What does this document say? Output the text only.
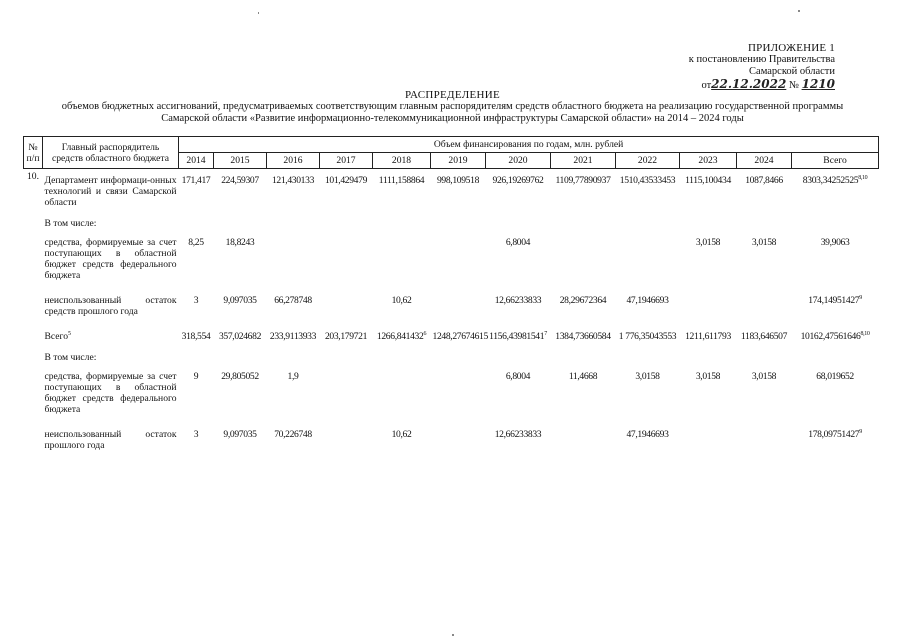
ПРИЛОЖЕНИЕ 1
к постановлению Правительства
Самарской области
от22.12.2022 № 1210
РАСПРЕДЕЛЕНИЕ
объемов бюджетных ассигнований, предусматриваемых соответствующим главным распорядителям средств областного бюджета на реализацию государственной программы
Самарской области «Развитие информационно-телекоммуникационной инфраструктуры Самарской области» на 2014 – 2024 годы
№ п/п	Главный распорядитель средств областного бюджета	Объем финансирования по годам, млн. рублей											
		2014	2015	2016	2017	2018	2019	2020	2021	2022	2023	2024	Всего
10.	Департамент информаци-онных технологий и связи Самарской области	171,417	224,59307	121,430133	101,429479	1111,158864	998,109518	926,19269762	1109,77890937	1510,43533453	1115,100434	1087,8466	8303,34252525$^{8,10}$
	В том числе:												
	средства, формируемые за счет поступающих в областной бюджет средств федерального бюджета	8,25	18,8243					6,8004			3,0158	3,0158	39,9063
	неиспользованный остаток средств прошлого года	3	9,097035	66,278748		10,62		12,66233833	28,29672364	47,1946693			174,14951427$^9$
	Всего$^5$	318,554	357,024682	233,9113933	203,179721	1266,841432$^6$	1248,27674615	1156,43981541$^7$	1384,73660584	1 776,35043553	1211,611793	1183,646507	10162,47561646$^{8,10}$
	В том числе:												
	средства, формируемые за счет поступающих в областной бюджет средств федерального бюджета	9	29,805052	1,9				6,8004	11,4668	3,0158	3,0158	3,0158	68,019652
	неиспользованный остаток прошлого года	3	9,097035	70,226748		10,62		12,66233833		47,1946693			178,09751427$^9$
